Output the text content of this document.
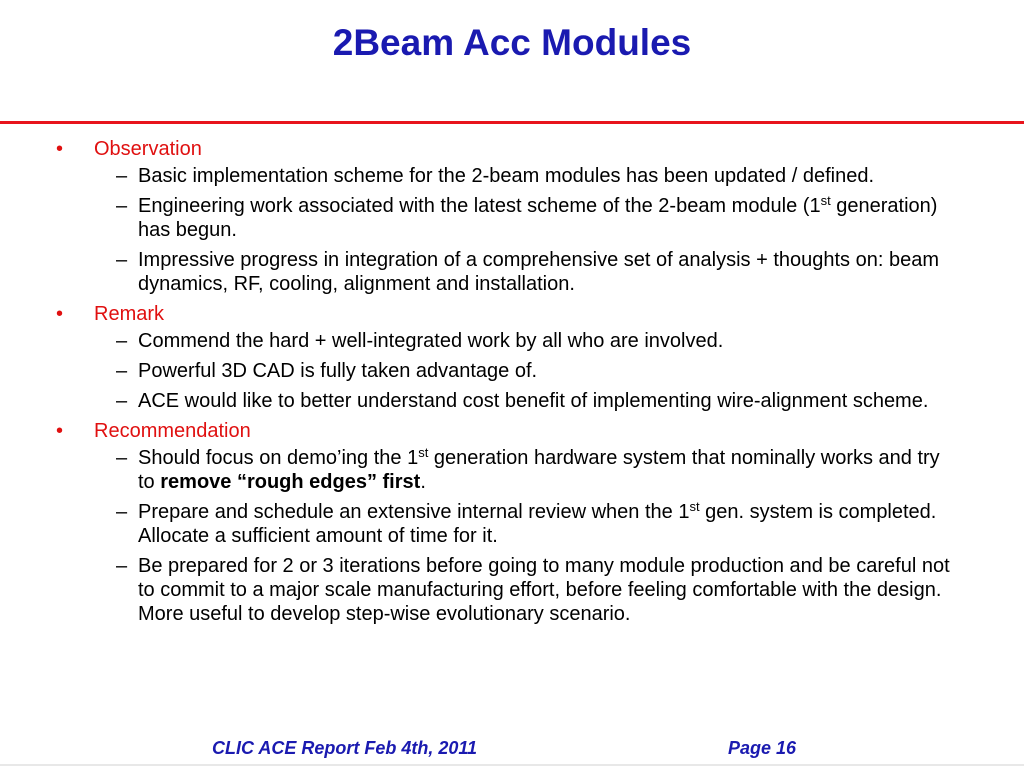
2Beam Acc Modules
• Observation
– Basic implementation scheme for the 2-beam modules has been updated / defined.
– Engineering work associated with the latest scheme of the 2-beam module (1st generation) has begun.
– Impressive progress in integration of a comprehensive set of analysis + thoughts on: beam dynamics, RF, cooling, alignment and installation.
• Remark
– Commend the hard + well-integrated work by all who are involved.
– Powerful 3D CAD is fully taken advantage of.
– ACE would like to better understand cost benefit of implementing wire-alignment scheme.
• Recommendation
– Should focus on demo’ing the 1st generation hardware system that nominally works and try to remove “rough edges” first.
– Prepare and schedule an extensive internal review when the 1st gen. system is completed. Allocate a sufficient amount of time for it.
– Be prepared for 2 or 3 iterations before going to many module production and be careful not to commit to a major scale manufacturing effort, before feeling comfortable with the design. More useful to develop step-wise evolutionary scenario.
CLIC ACE Report Feb 4th, 2011	Page 16
